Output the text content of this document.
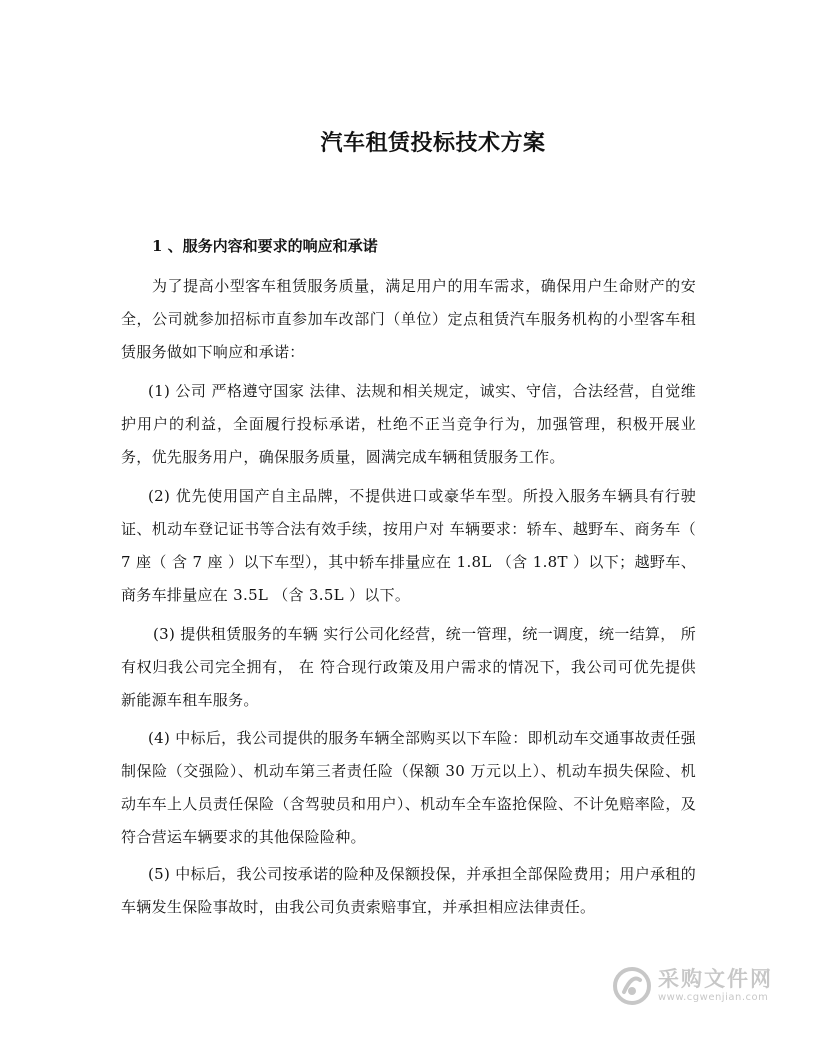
汽车租赁投标技术方案
1 、服务内容和要求的响应和承诺

为了提高小型客车租赁服务质量，满足用户的用车需求，确保用户生命财产的安全，公司就参加招标市直参加车改部门（单位）定点租赁汽车服务机构的小型客车租赁服务做如下响应和承诺：

(1) 公司 严格遵守国家 法律、法规和相关规定，诚实、守信，合法经营，自觉维护用户的利益，全面履行投标承诺，杜绝不正当竞争行为，加强管理，积极开展业务，优先服务用户，确保服务质量，圆满完成车辆租赁服务工作。

(2) 优先使用国产自主品牌，不提供进口或豪华车型。所投入服务车辆具有行驶证、机动车登记证书等合法有效手续，按用户对 车辆要求：轿车、越野车、商务车（ 7 座（ 含 7 座 ）以下车型），其中轿车排量应在 1.8L （含 1.8T ）以下；越野车、商务车排量应在 3.5L （含 3.5L ）以下。

(3) 提供租赁服务的车辆 实行公司化经营，统一管理，统一调度，统一结算， 所有权归我公司完全拥有， 在 符合现行政策及用户需求的情况下，我公司可优先提供新能源车租车服务。

(4) 中标后，我公司提供的服务车辆全部购买以下车险：即机动车交通事故责任强制保险（交强险）、机动车第三者责任险（保额 30 万元以上）、机动车损失保险、机动车车上人员责任保险（含驾驶员和用户）、机动车全车盗抢保险、不计免赔率险，及符合营运车辆要求的其他保险险种。

(5) 中标后，我公司按承诺的险种及保额投保，并承担全部保险费用；用户承租的车辆发生保险事故时，由我公司负责索赔事宜，并承担相应法律责任。

采购文件网
www.cgwenjian.com
